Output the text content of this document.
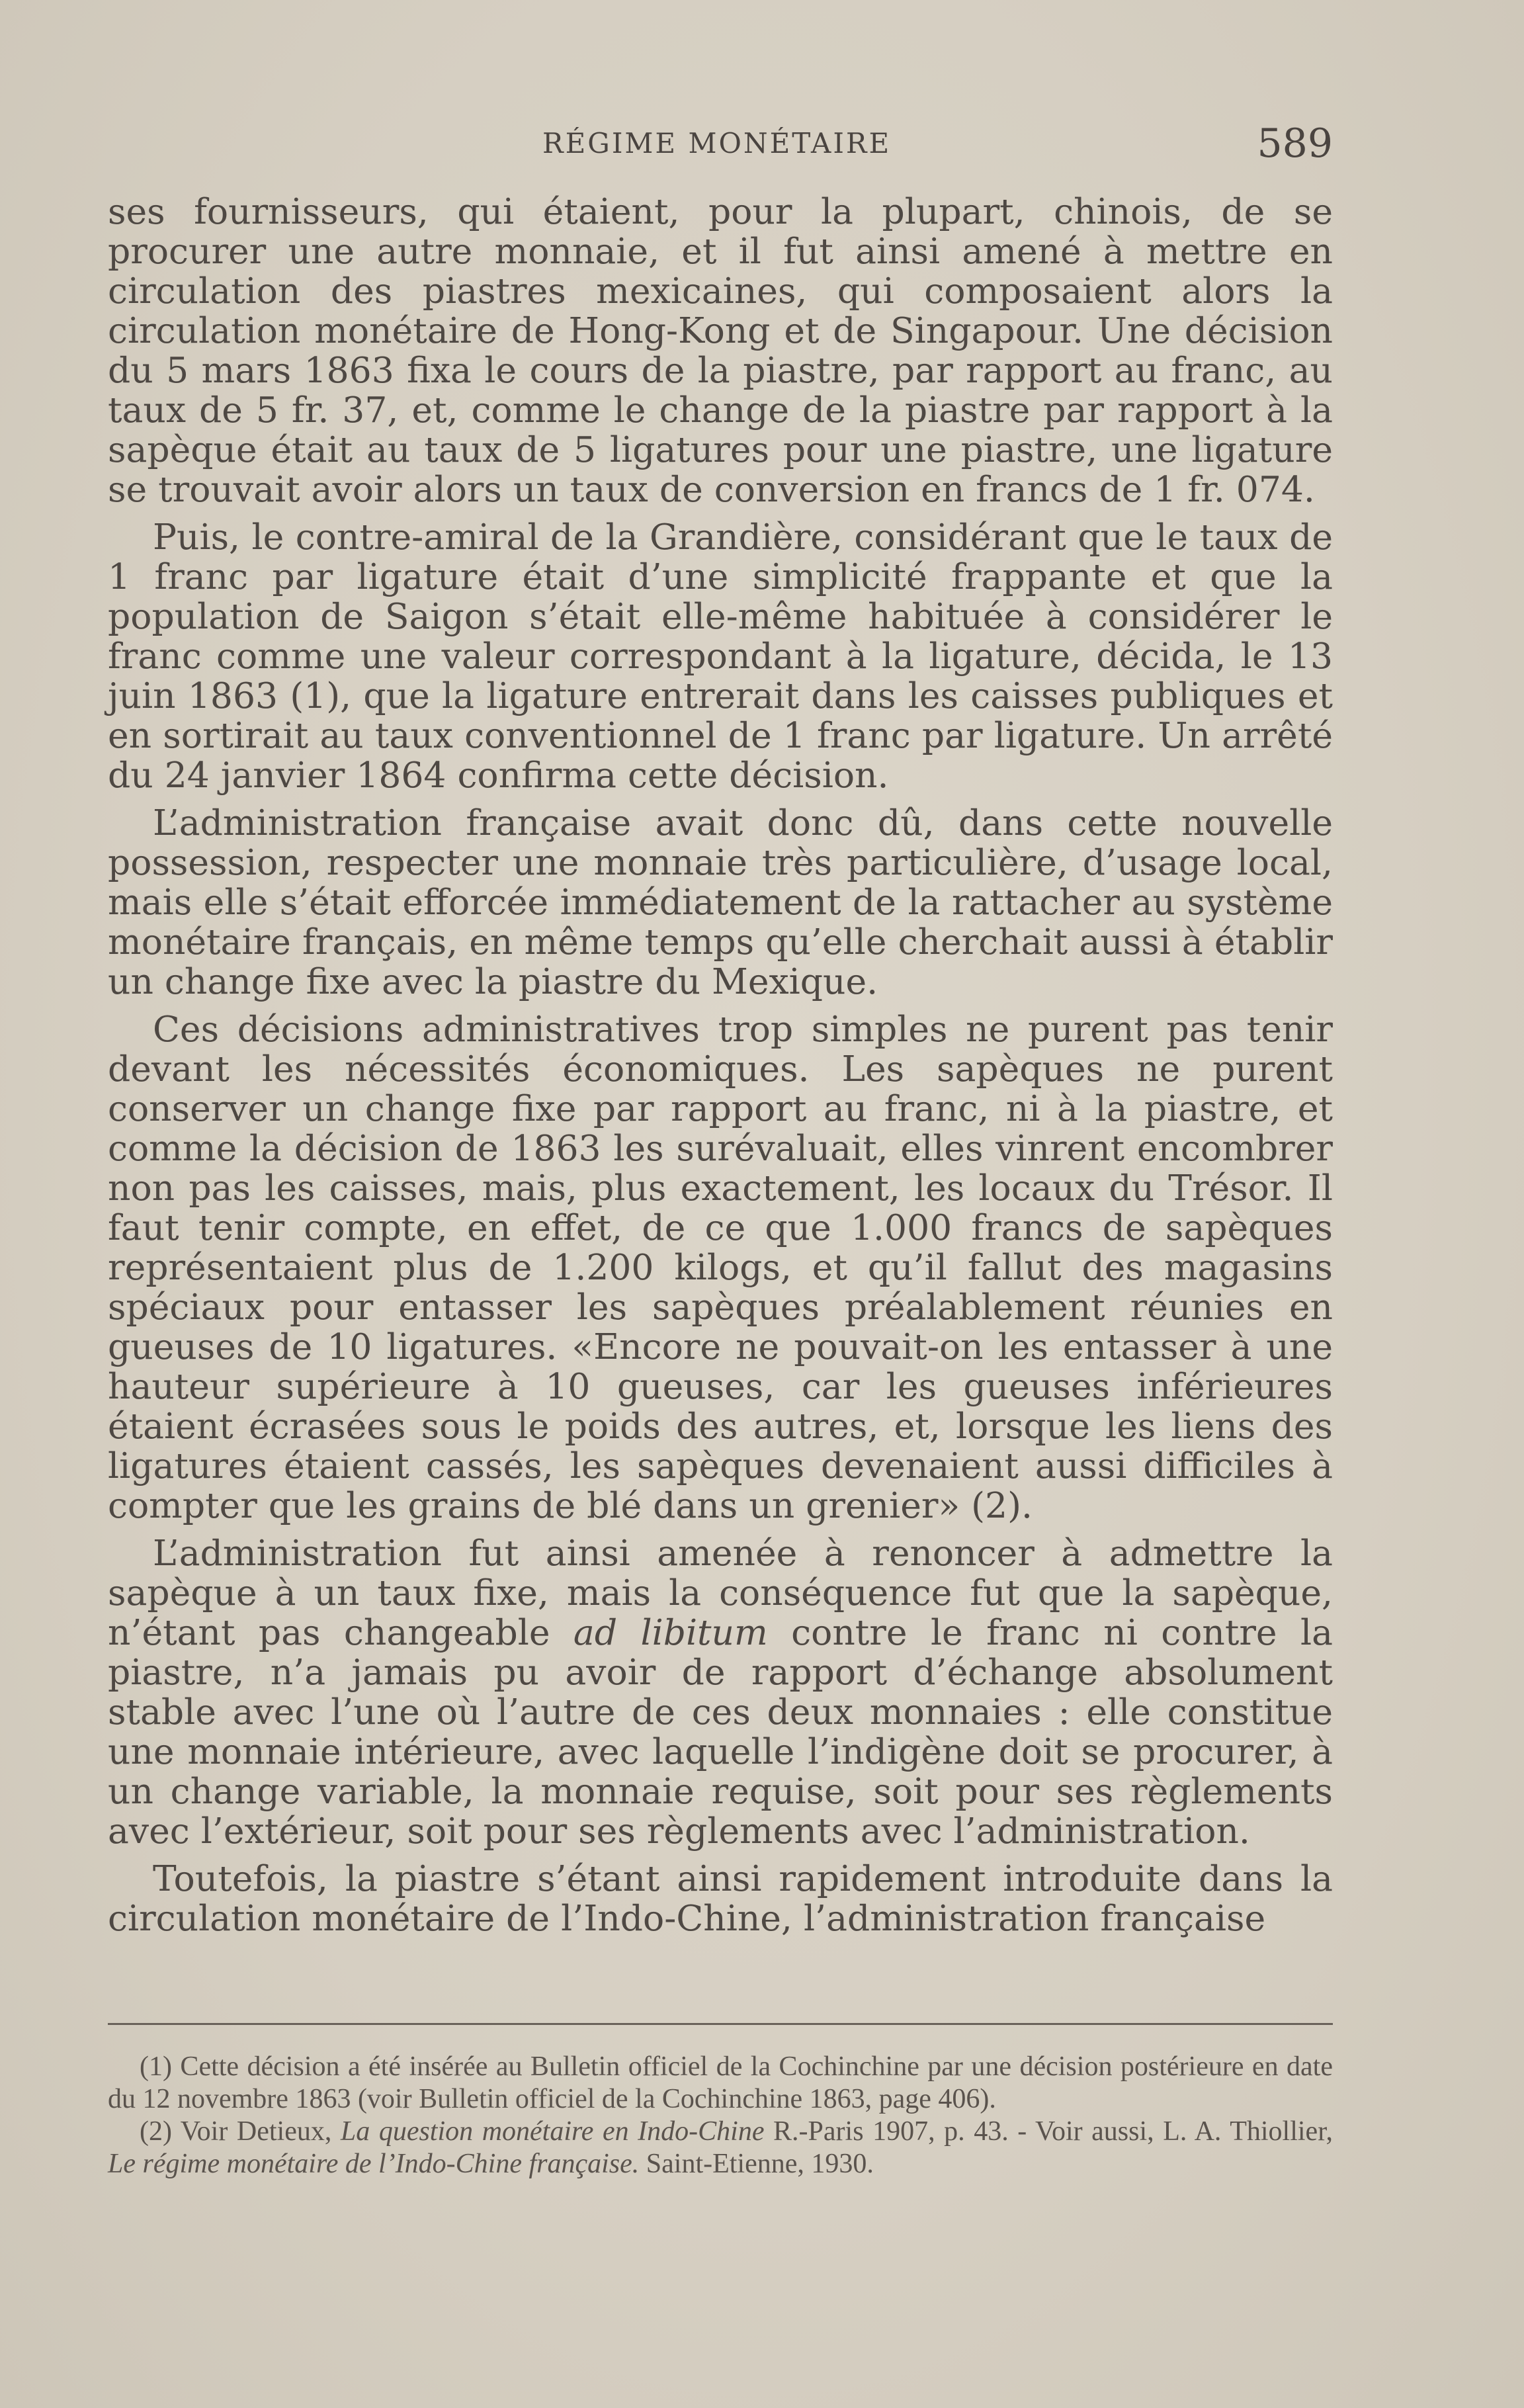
RÉGIME MONÉTAIRE	589

ses fournisseurs, qui étaient, pour la plupart, chinois, de se procurer une autre monnaie, et il fut ainsi amené à mettre en circulation des piastres mexicaines, qui composaient alors la circulation monétaire de Hong-Kong et de Singapour. Une décision du 5 mars 1863 fixa le cours de la piastre, par rapport au franc, au taux de 5 fr. 37, et, comme le change de la piastre par rapport à la sapèque était au taux de 5 ligatures pour une piastre, une ligature se trouvait avoir alors un taux de conversion en francs de 1 fr. 074.

Puis, le contre-amiral de la Grandière, considérant que le taux de 1 franc par ligature était d’une simplicité frappante et que la population de Saigon s’était elle-même habituée à considérer le franc comme une valeur correspondant à la ligature, décida, le 13 juin 1863 (1), que la ligature entrerait dans les caisses publiques et en sortirait au taux conventionnel de 1 franc par ligature. Un arrêté du 24 janvier 1864 confirma cette décision.

L’administration française avait donc dû, dans cette nouvelle possession, respecter une monnaie très particulière, d’usage local, mais elle s’était efforcée immédiatement de la rattacher au système monétaire français, en même temps qu’elle cherchait aussi à établir un change fixe avec la piastre du Mexique.

Ces décisions administratives trop simples ne purent pas tenir devant les nécessités économiques. Les sapèques ne purent conserver un change fixe par rapport au franc, ni à la piastre, et comme la décision de 1863 les surévaluait, elles vinrent encombrer non pas les caisses, mais, plus exactement, les locaux du Trésor. Il faut tenir compte, en effet, de ce que 1.000 francs de sapèques représentaient plus de 1.200 kilogs, et qu’il fallut des magasins spéciaux pour entasser les sapèques préalablement réunies en gueuses de 10 ligatures. «Encore ne pouvait-on les entasser à une hauteur supérieure à 10 gueuses, car les gueuses inférieures étaient écrasées sous le poids des autres, et, lorsque les liens des ligatures étaient cassés, les sapèques devenaient aussi difficiles à compter que les grains de blé dans un grenier» (2).

L’administration fut ainsi amenée à renoncer à admettre la sapèque à un taux fixe, mais la conséquence fut que la sapèque, n’étant pas changeable ad libitum contre le franc ni contre la piastre, n’a jamais pu avoir de rapport d’échange absolument stable avec l’une où l’autre de ces deux monnaies : elle constitue une monnaie intérieure, avec laquelle l’indigène doit se procurer, à un change variable, la monnaie requise, soit pour ses règlements avec l’extérieur, soit pour ses règlements avec l’administration.

Toutefois, la piastre s’étant ainsi rapidement introduite dans la circulation monétaire de l’Indo-Chine, l’administration française

(1) Cette décision a été insérée au Bulletin officiel de la Cochinchine par une décision postérieure en date du 12 novembre 1863 (voir Bulletin officiel de la Cochinchine 1863, page 406).

(2) Voir Detieux, La question monétaire en Indo-Chine R.-Paris 1907, p. 43. - Voir aussi, L. A. Thiollier, Le régime monétaire de l’Indo-Chine française. Saint-Etienne, 1930.
